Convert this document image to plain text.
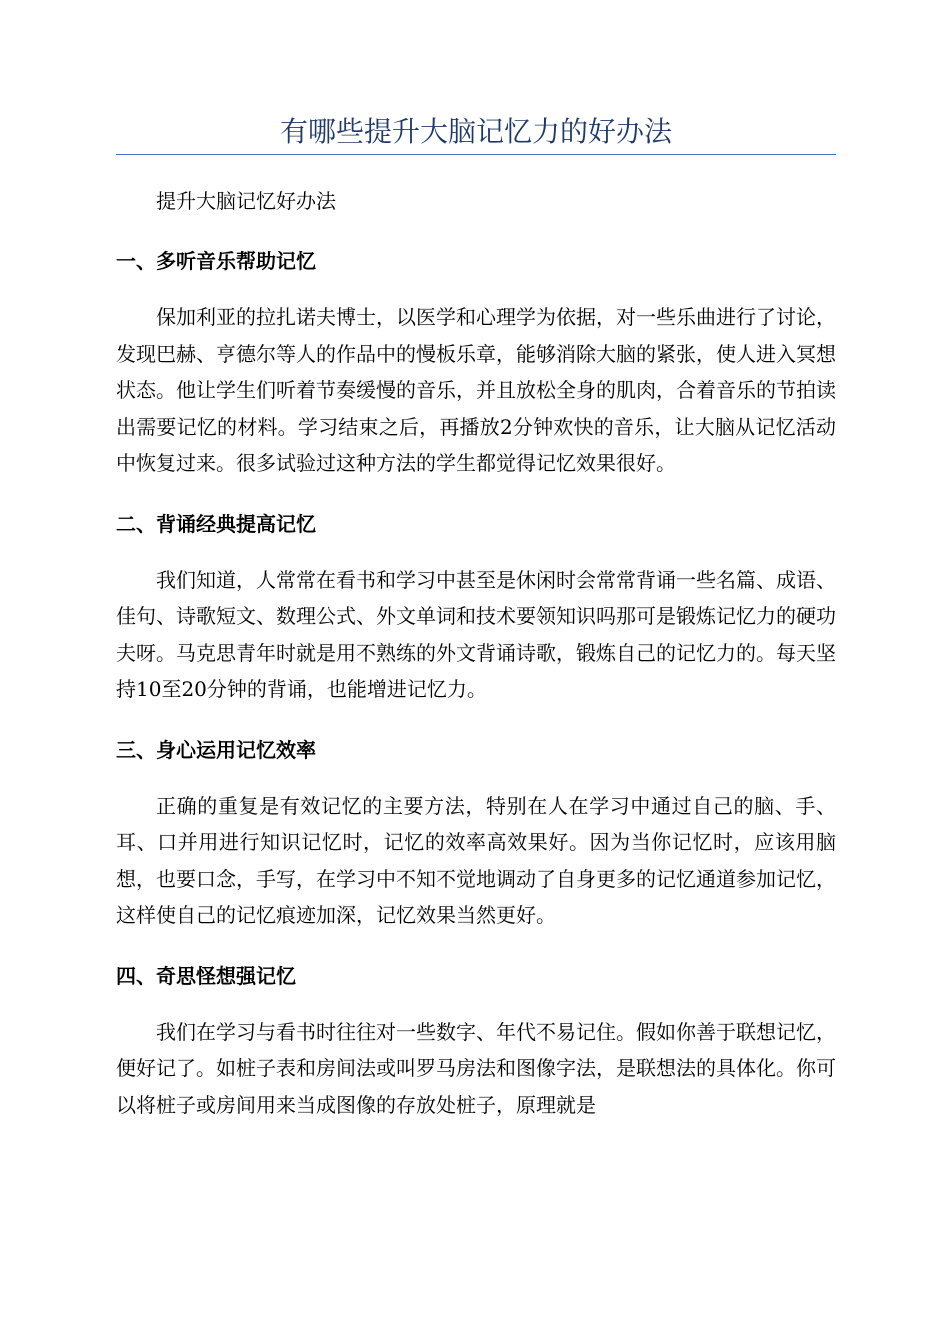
有哪些提升大脑记忆力的好办法

提升大脑记忆好办法

一、多听音乐帮助记忆

保加利亚的拉扎诺夫博士，以医学和心理学为依据，对一些乐曲进行了讨论，发现巴赫、亨德尔等人的作品中的慢板乐章，能够消除大脑的紧张，使人进入冥想状态。他让学生们听着节奏缓慢的音乐，并且放松全身的肌肉，合着音乐的节拍读出需要记忆的材料。学习结束之后，再播放2分钟欢快的音乐，让大脑从记忆活动中恢复过来。很多试验过这种方法的学生都觉得记忆效果很好。

二、背诵经典提高记忆

我们知道，人常常在看书和学习中甚至是休闲时会常常背诵一些名篇、成语、佳句、诗歌短文、数理公式、外文单词和技术要领知识吗那可是锻炼记忆力的硬功夫呀。马克思青年时就是用不熟练的外文背诵诗歌，锻炼自己的记忆力的。每天坚持10至20分钟的背诵，也能增进记忆力。

三、身心运用记忆效率

正确的重复是有效记忆的主要方法，特别在人在学习中通过自己的脑、手、耳、口并用进行知识记忆时，记忆的效率高效果好。因为当你记忆时，应该用脑想，也要口念，手写，在学习中不知不觉地调动了自身更多的记忆通道参加记忆，这样使自己的记忆痕迹加深，记忆效果当然更好。

四、奇思怪想强记忆

我们在学习与看书时往往对一些数字、年代不易记住。假如你善于联想记忆，便好记了。如桩子表和房间法或叫罗马房法和图像字法，是联想法的具体化。你可以将桩子或房间用来当成图像的存放处桩子，原理就是
